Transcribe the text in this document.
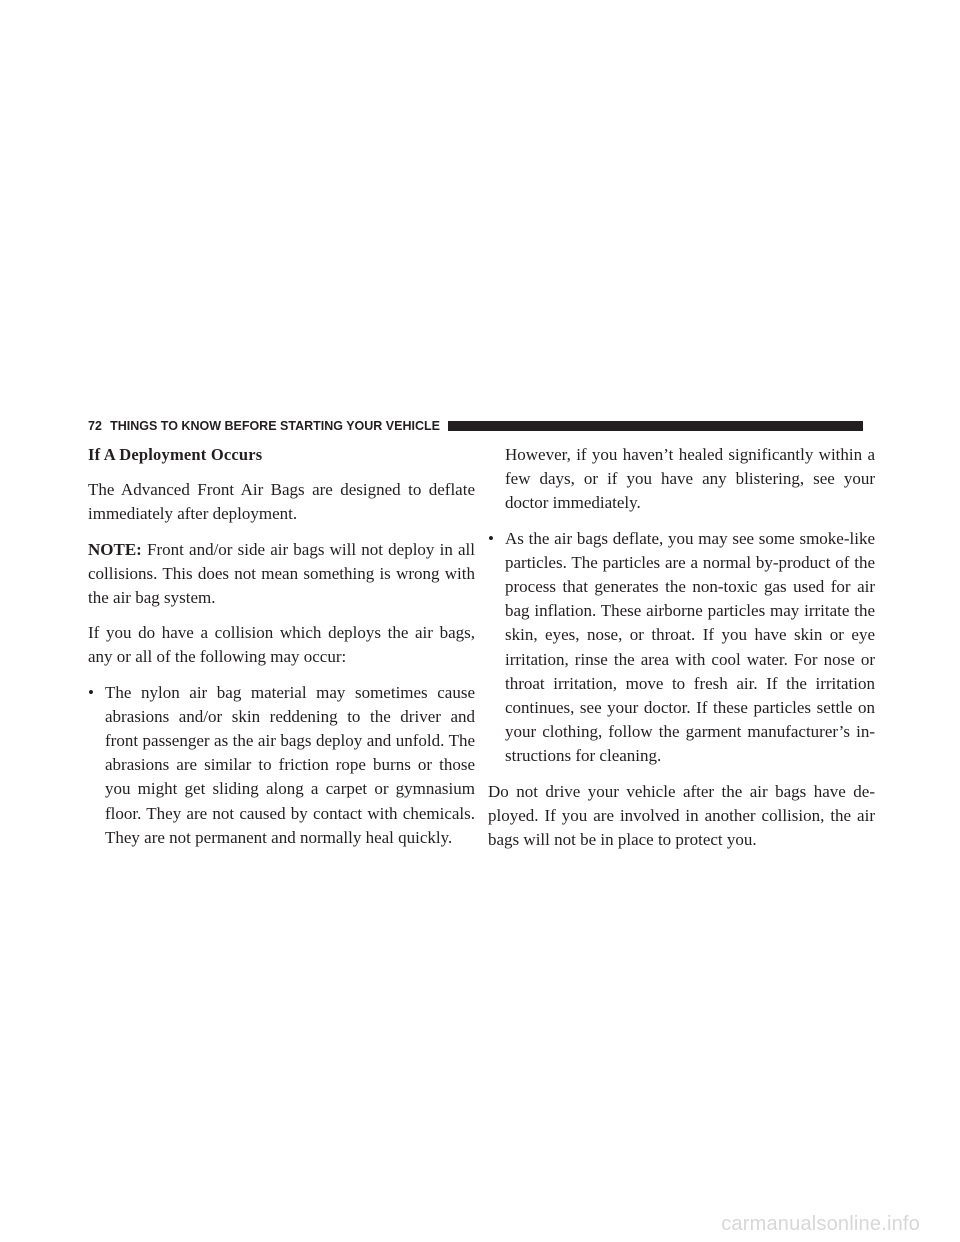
72 THINGS TO KNOW BEFORE STARTING YOUR VEHICLE
If A Deployment Occurs

The Advanced Front Air Bags are designed to deflate immediately after deployment.

NOTE: Front and/or side air bags will not deploy in all collisions. This does not mean something is wrong with the air bag system.

If you do have a collision which deploys the air bags, any or all of the following may occur:

• The nylon air bag material may sometimes cause abrasions and/or skin reddening to the driver and front passenger as the air bags deploy and unfold. The abrasions are similar to friction rope burns or those you might get sliding along a carpet or gymnasium floor. They are not caused by contact with chemicals. They are not permanent and normally heal quickly.
However, if you haven’t healed significantly within a few days, or if you have any blistering, see your doctor immediately.
• As the air bags deflate, you may see some smoke-like particles. The particles are a normal by-product of the process that generates the non-toxic gas used for air bag inflation. These airborne particles may irritate the skin, eyes, nose, or throat. If you have skin or eye irritation, rinse the area with cool water. For nose or throat irritation, move to fresh air. If the irritation continues, see your doctor. If these particles settle on your clothing, follow the garment manufacturer’s in-structions for cleaning.

Do not drive your vehicle after the air bags have de-ployed. If you are involved in another collision, the air bags will not be in place to protect you.

carmanualsonline.info
